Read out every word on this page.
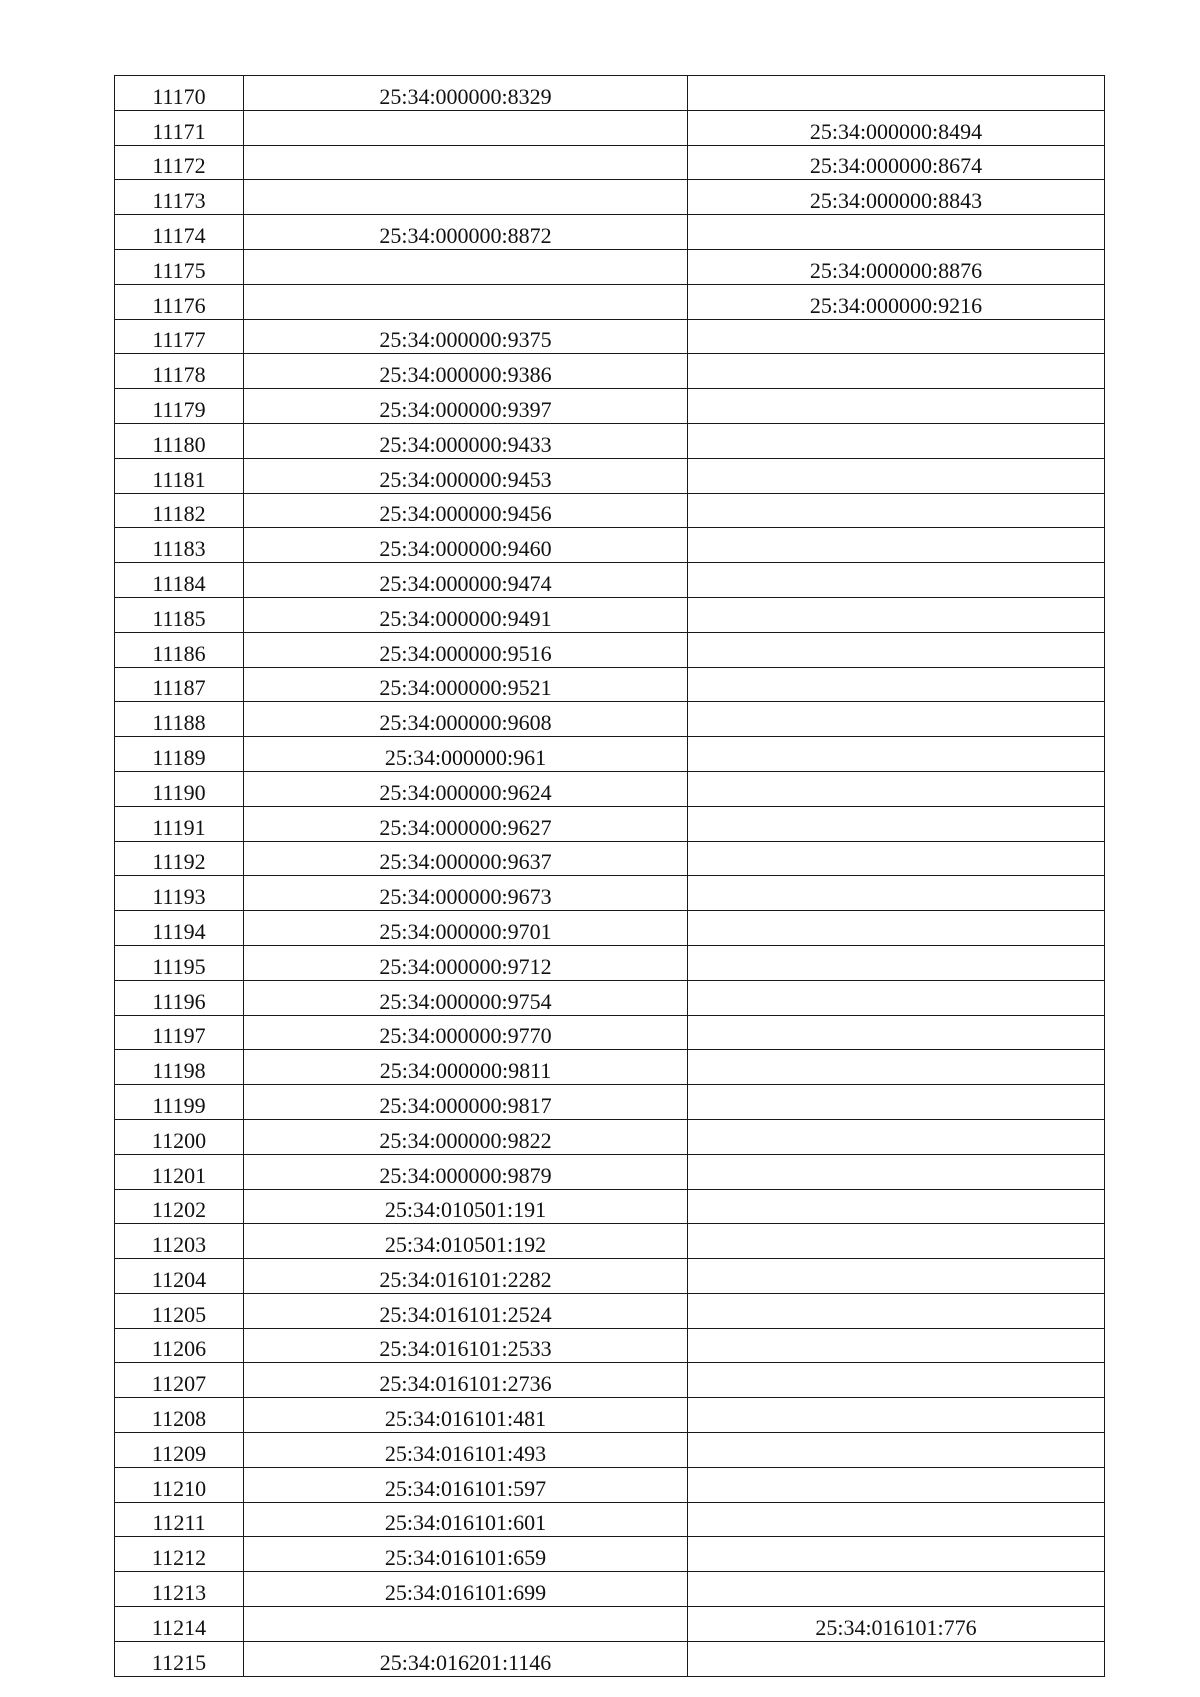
11170	25:34:000000:8329	
11171		25:34:000000:8494
11172		25:34:000000:8674
11173		25:34:000000:8843
11174	25:34:000000:8872	
11175		25:34:000000:8876
11176		25:34:000000:9216
11177	25:34:000000:9375	
11178	25:34:000000:9386	
11179	25:34:000000:9397	
11180	25:34:000000:9433	
11181	25:34:000000:9453	
11182	25:34:000000:9456	
11183	25:34:000000:9460	
11184	25:34:000000:9474	
11185	25:34:000000:9491	
11186	25:34:000000:9516	
11187	25:34:000000:9521	
11188	25:34:000000:9608	
11189	25:34:000000:961	
11190	25:34:000000:9624	
11191	25:34:000000:9627	
11192	25:34:000000:9637	
11193	25:34:000000:9673	
11194	25:34:000000:9701	
11195	25:34:000000:9712	
11196	25:34:000000:9754	
11197	25:34:000000:9770	
11198	25:34:000000:9811	
11199	25:34:000000:9817	
11200	25:34:000000:9822	
11201	25:34:000000:9879	
11202	25:34:010501:191	
11203	25:34:010501:192	
11204	25:34:016101:2282	
11205	25:34:016101:2524	
11206	25:34:016101:2533	
11207	25:34:016101:2736	
11208	25:34:016101:481	
11209	25:34:016101:493	
11210	25:34:016101:597	
11211	25:34:016101:601	
11212	25:34:016101:659	
11213	25:34:016101:699	
11214		25:34:016101:776
11215	25:34:016201:1146	
